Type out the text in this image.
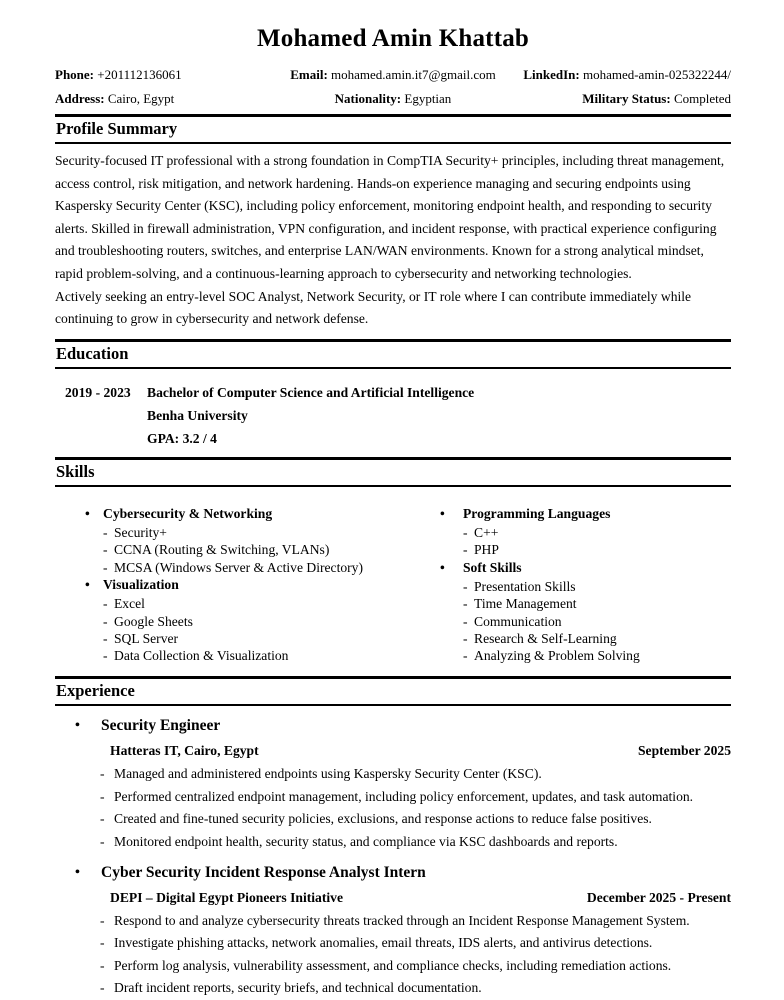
Mohamed Amin Khattab
Phone: +201112136061	Email: mohamed.amin.it7@gmail.com	LinkedIn: mohamed-amin-025322244/
Address: Cairo, Egypt	Nationality: Egyptian	Military Status: Completed
Profile Summary

Security-focused IT professional with a strong foundation in CompTIA Security+ principles, including threat management, access control, risk mitigation, and network hardening. Hands-on experience managing and securing endpoints using Kaspersky Security Center (KSC), including policy enforcement, monitoring endpoint health, and responding to security alerts. Skilled in firewall administration, VPN configuration, and incident response, with practical experience configuring and troubleshooting routers, switches, and enterprise LAN/WAN environments. Known for a strong analytical mindset, rapid problem-solving, and a continuous-learning approach to cybersecurity and networking technologies.

Actively seeking an entry-level SOC Analyst, Network Security, or IT role where I can contribute immediately while continuing to grow in cybersecurity and network defense.

Education
2019 - 2023	Bachelor of Computer Science and Artificial Intelligence
Benha University
GPA: 3.2 / 4
Skills
• Cybersecurity & Networking
- Security+
- CCNA (Routing & Switching, VLANs)
- MCSA (Windows Server & Active Directory)
• Visualization
- Excel
- Google Sheets
- SQL Server
- Data Collection & Visualization
• Programming Languages
- C++
- PHP
• Soft Skills
- Presentation Skills
- Time Management
- Communication
- Research & Self-Learning
- Analyzing & Problem Solving
Experience
• Security Engineer
Hatteras IT, Cairo, Egypt	September 2025
- Managed and administered endpoints using Kaspersky Security Center (KSC).
- Performed centralized endpoint management, including policy enforcement, updates, and task automation.
- Created and fine-tuned security policies, exclusions, and response actions to reduce false positives.
- Monitored endpoint health, security status, and compliance via KSC dashboards and reports.
• Cyber Security Incident Response Analyst Intern
DEPI – Digital Egypt Pioneers Initiative	December 2025 - Present
- Respond to and analyze cybersecurity threats tracked through an Incident Response Management System.
- Investigate phishing attacks, network anomalies, email threats, IDS alerts, and antivirus detections.
- Perform log analysis, vulnerability assessment, and compliance checks, including remediation actions.
- Draft incident reports, security briefs, and technical documentation.
